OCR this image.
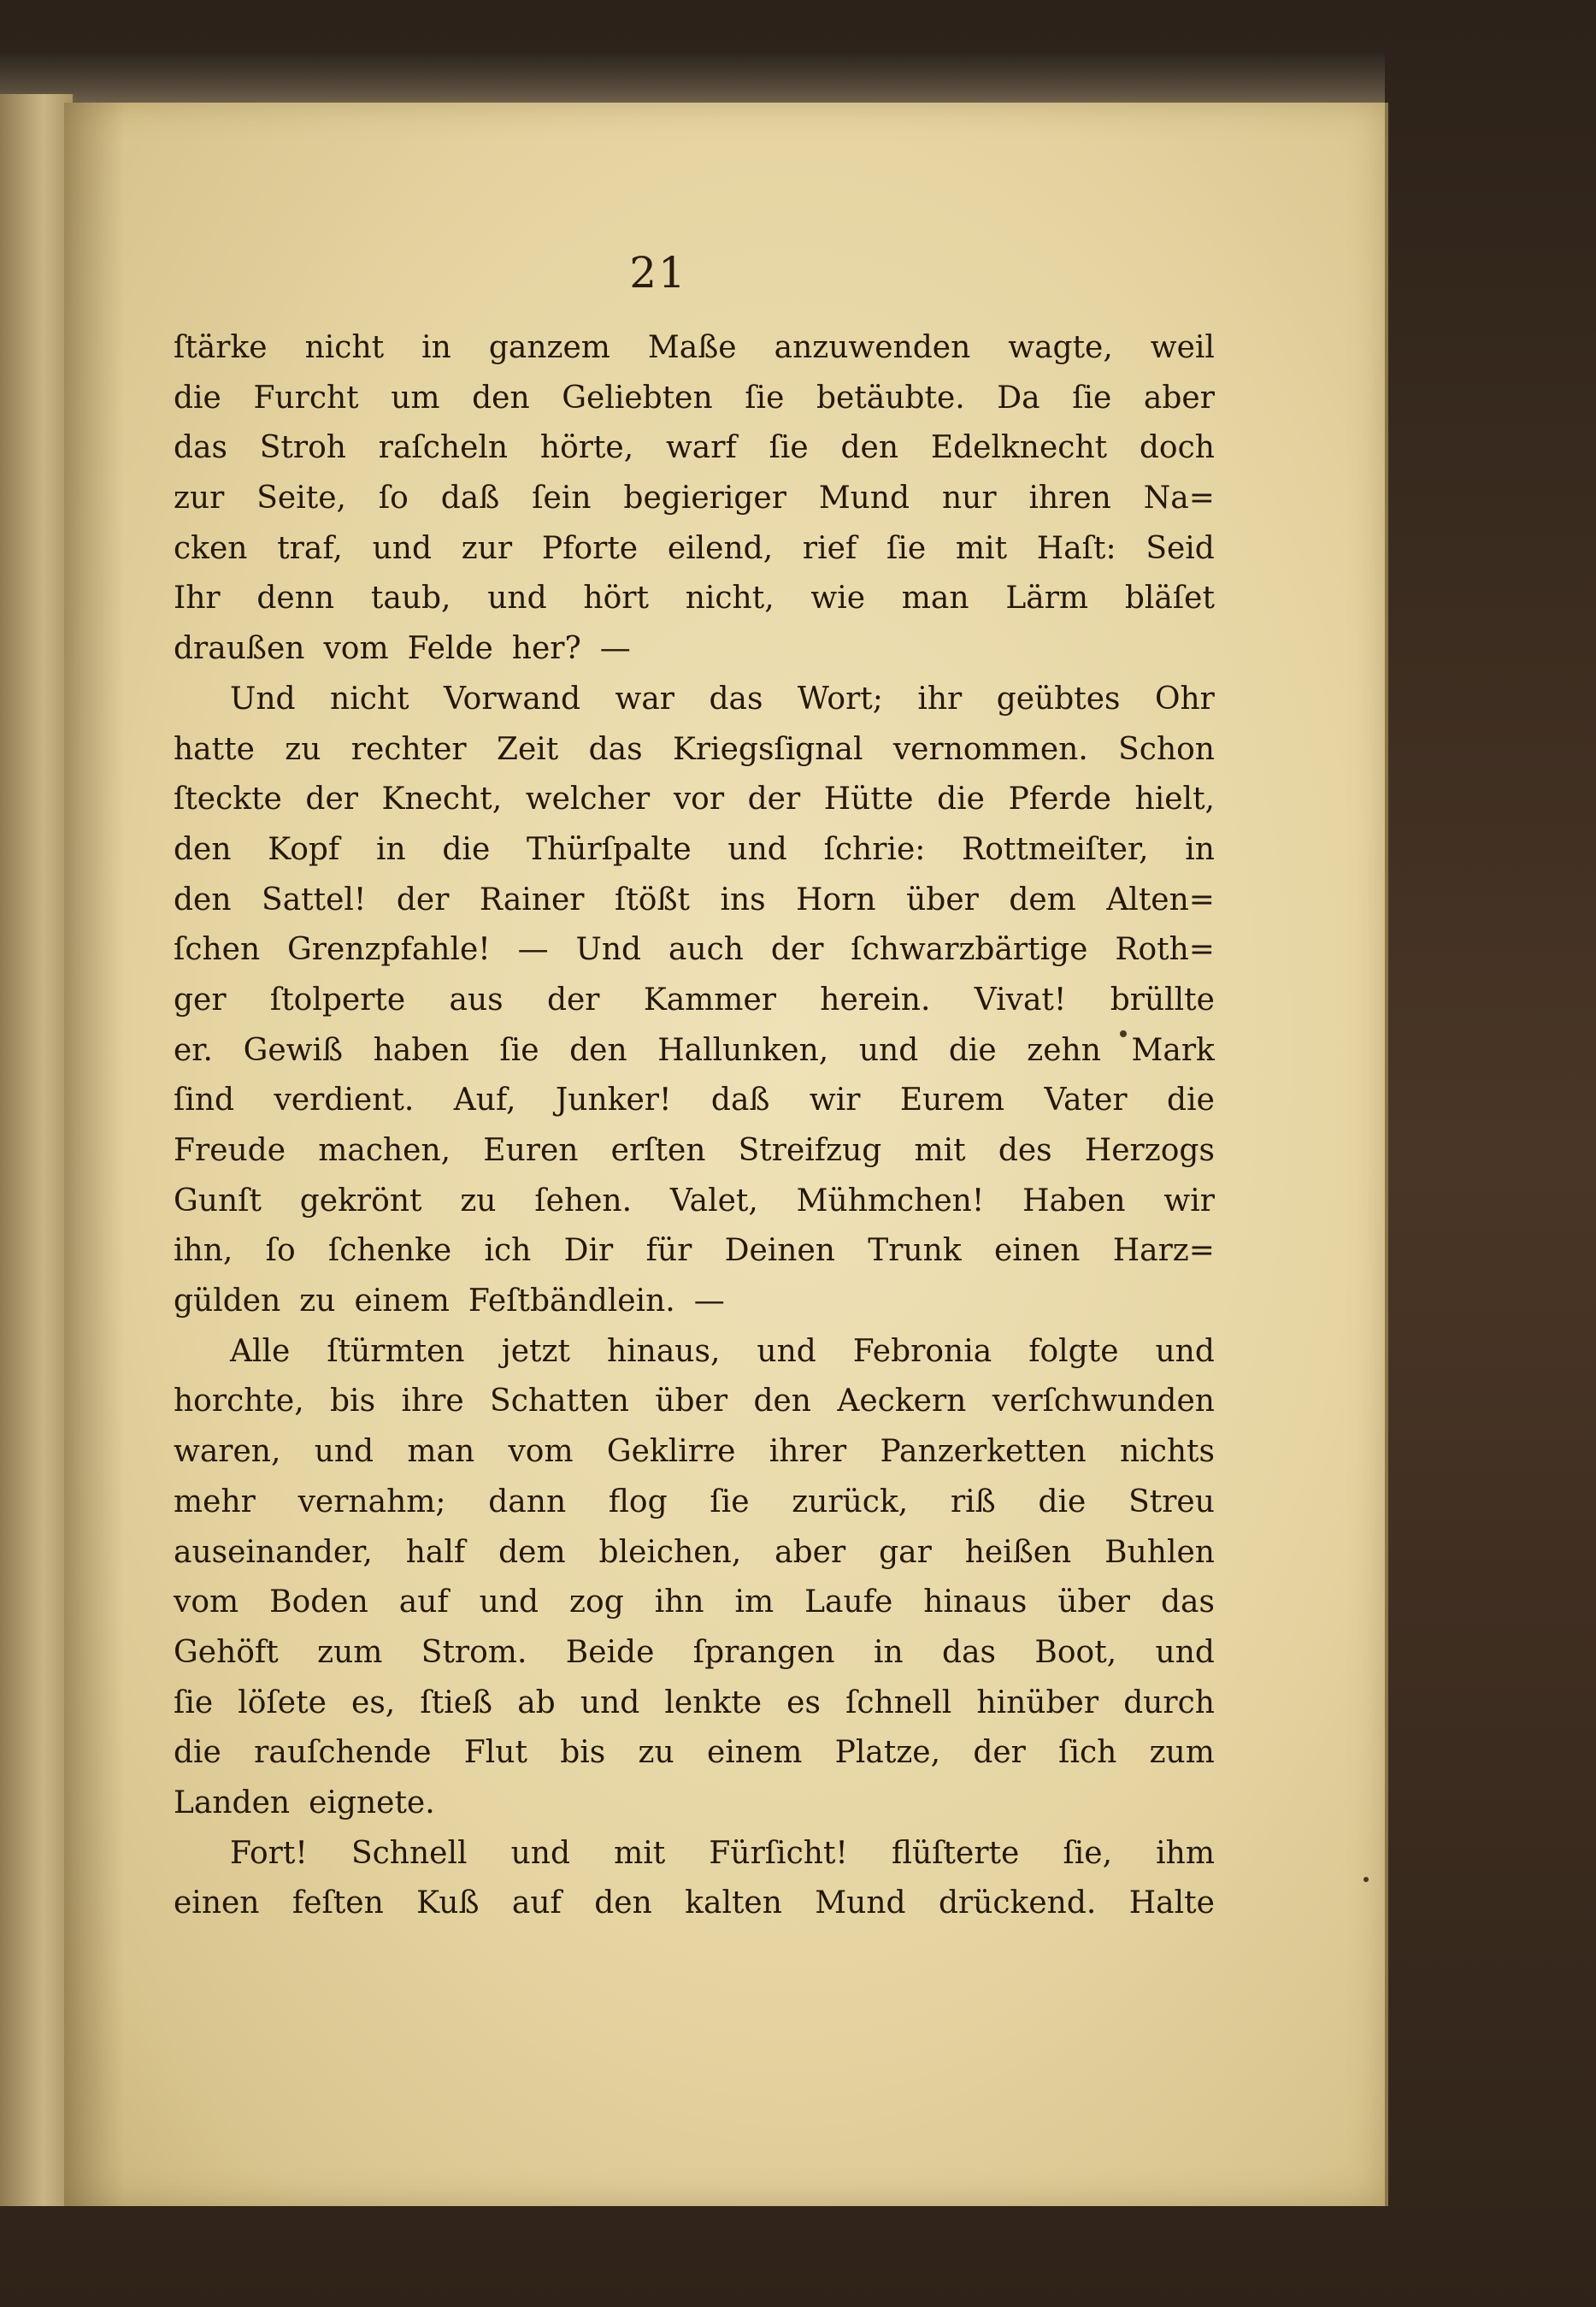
21
ſtärke nicht in ganzem Maße anzuwenden wagte, weil
die Furcht um den Geliebten ſie betäubte. Da ſie aber
das Stroh raſcheln hörte, warf ſie den Edelknecht doch
zur Seite, ſo daß ſein begieriger Mund nur ihren Na=
cken traf, und zur Pforte eilend, rief ſie mit Haſt: Seid
Ihr denn taub, und hört nicht, wie man Lärm bläſet
draußen vom Felde her? —
Und nicht Vorwand war das Wort; ihr geübtes Ohr
hatte zu rechter Zeit das Kriegsſignal vernommen. Schon
ſteckte der Knecht, welcher vor der Hütte die Pferde hielt,
den Kopf in die Thürſpalte und ſchrie: Rottmeiſter, in
den Sattel! der Rainer ſtößt ins Horn über dem Alten=
ſchen Grenzpfahle! — Und auch der ſchwarzbärtige Roth=
ger ſtolperte aus der Kammer herein. Vivat! brüllte
er. Gewiß haben ſie den Hallunken, und die zehn Mark
ſind verdient. Auf, Junker! daß wir Eurem Vater die
Freude machen, Euren erſten Streifzug mit des Herzogs
Gunſt gekrönt zu ſehen. Valet, Mühmchen! Haben wir
ihn, ſo ſchenke ich Dir für Deinen Trunk einen Harz=
gülden zu einem Feſtbändlein. —
Alle ſtürmten jetzt hinaus, und Febronia folgte und
horchte, bis ihre Schatten über den Aeckern verſchwunden
waren, und man vom Geklirre ihrer Panzerketten nichts
mehr vernahm; dann flog ſie zurück, riß die Streu
auseinander, half dem bleichen, aber gar heißen Buhlen
vom Boden auf und zog ihn im Laufe hinaus über das
Gehöft zum Strom. Beide ſprangen in das Boot, und
ſie löſete es, ſtieß ab und lenkte es ſchnell hinüber durch
die rauſchende Flut bis zu einem Platze, der ſich zum
Landen eignete.
Fort! Schnell und mit Fürſicht! flüſterte ſie, ihm
einen feſten Kuß auf den kalten Mund drückend. Halte
